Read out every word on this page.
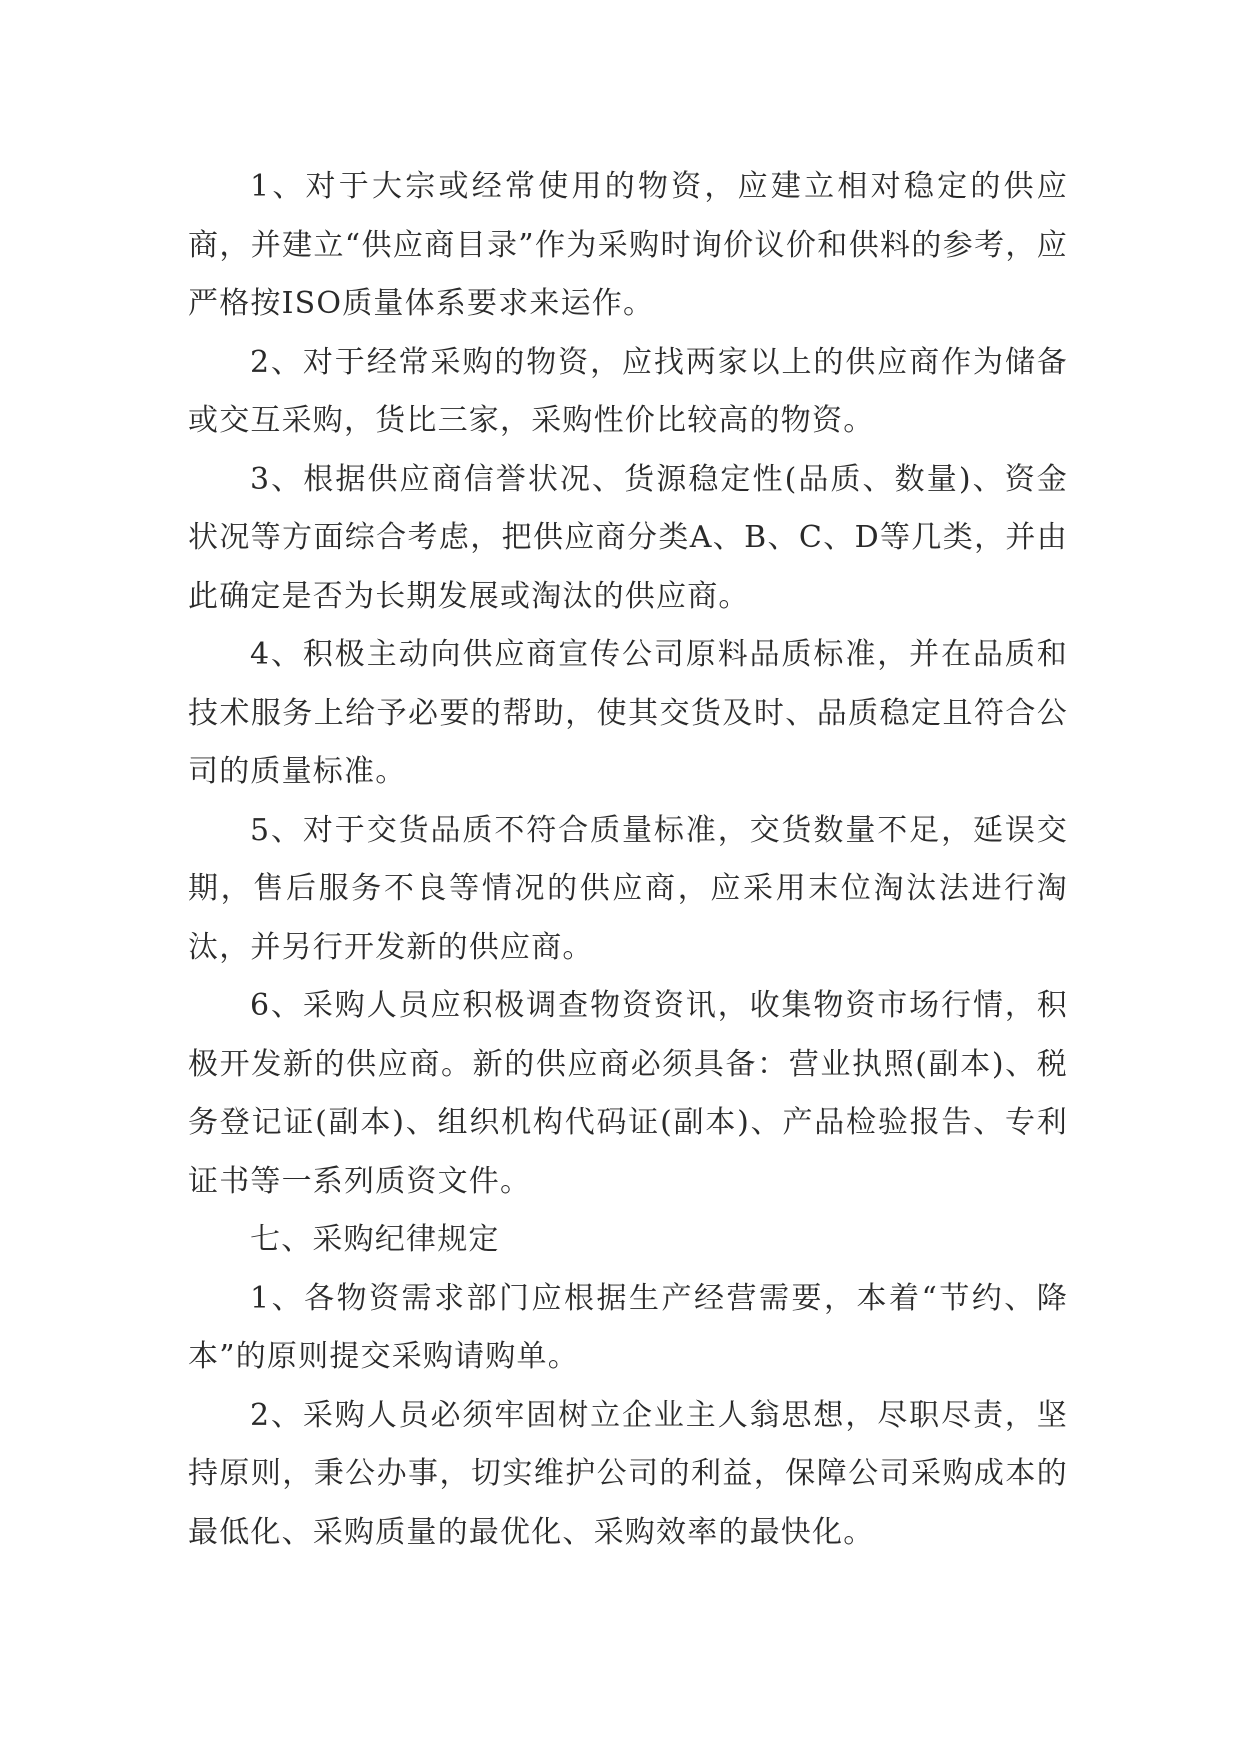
1、对于大宗或经常使用的物资，应建立相对稳定的供应商，并建立“供应商目录”作为采购时询价议价和供料的参考，应严格按ISO质量体系要求来运作。

2、对于经常采购的物资，应找两家以上的供应商作为储备或交互采购，货比三家，采购性价比较高的物资。

3、根据供应商信誉状况、货源稳定性(品质、数量)、资金状况等方面综合考虑，把供应商分类A、B、C、D等几类，并由此确定是否为长期发展或淘汰的供应商。

4、积极主动向供应商宣传公司原料品质标准，并在品质和技术服务上给予必要的帮助，使其交货及时、品质稳定且符合公司的质量标准。

5、对于交货品质不符合质量标准，交货数量不足，延误交期，售后服务不良等情况的供应商，应采用末位淘汰法进行淘汰，并另行开发新的供应商。

6、采购人员应积极调查物资资讯，收集物资市场行情，积极开发新的供应商。新的供应商必须具备：营业执照(副本)、税务登记证(副本)、组织机构代码证(副本)、产品检验报告、专利证书等一系列质资文件。

七、采购纪律规定

1、各物资需求部门应根据生产经营需要，本着“节约、降本”的原则提交采购请购单。

2、采购人员必须牢固树立企业主人翁思想，尽职尽责，坚持原则，秉公办事，切实维护公司的利益，保障公司采购成本的最低化、采购质量的最优化、采购效率的最快化。
